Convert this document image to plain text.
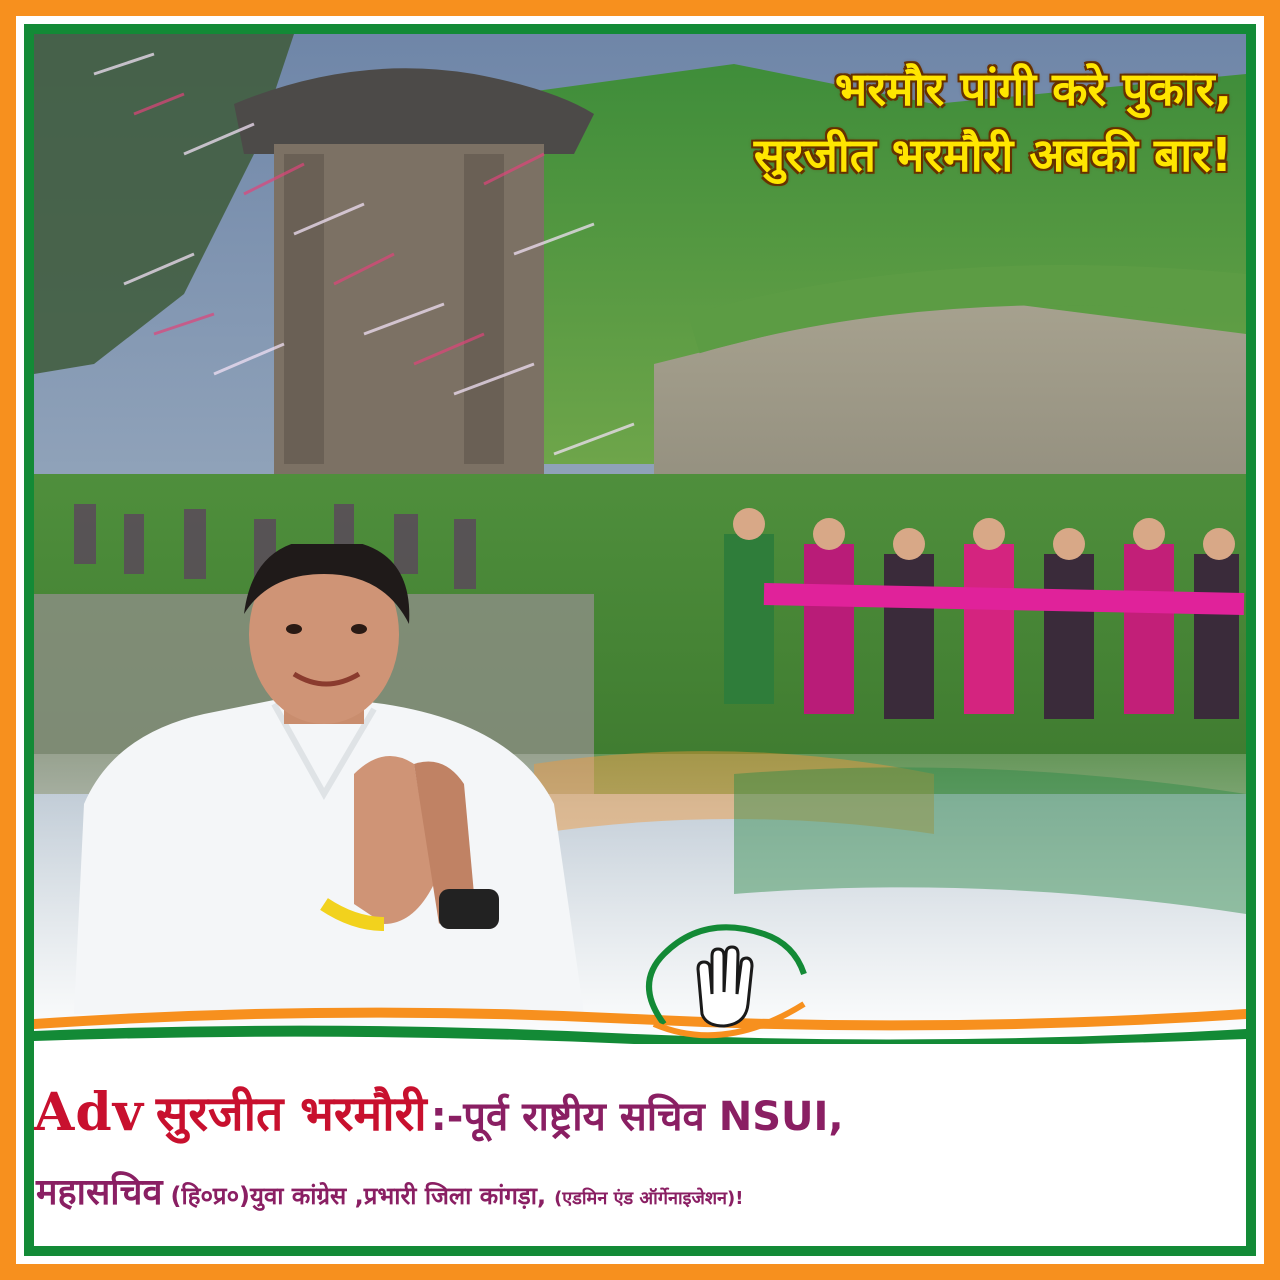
भरमौर पांगी करे पुकार,
सुरजीत भरमौरी अबकी बार!
Adv सुरजीत भरमौरी :-पूर्व राष्ट्रीय सचिव NSUI,
महासचिव (हि०प्र०)युवा कांग्रेस ,प्रभारी जिला कांगड़ा, (एडमिन एंड ऑर्गेनाइजेशन)!
